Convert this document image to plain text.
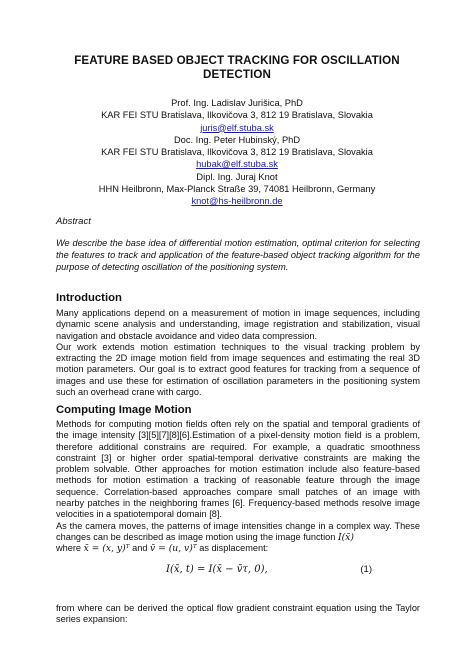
FEATURE BASED OBJECT TRACKING FOR OSCILLATION DETECTION
Prof. Ing. Ladislav Jurišica, PhD
KAR FEI STU Bratislava, Ilkovičova 3, 812 19 Bratislava, Slovakia
juris@elf.stuba.sk
Doc. Ing. Peter Hubinský, PhD
KAR FEI STU Bratislava, Ilkovičova 3, 812 19 Bratislava, Slovakia
hubak@elf.stuba.sk
Dipl. Ing. Juraj Knot
HHN Heilbronn, Max-Planck Straße 39, 74081 Heilbronn, Germany
knot@hs-heilbronn.de
Abstract
We describe the base idea of differential motion estimation, optimal criterion for selecting the features to track and application of the feature-based object tracking algorithm for the purpose of detecting oscillation of the positioning system.
Introduction

Many applications depend on a measurement of motion in image sequences, including dynamic scene analysis and understanding, image registration and stabilization, visual navigation and obstacle avoidance and video data compression.

Our work extends motion estimation techniques to the visual tracking problem by extracting the 2D image motion field from image sequences and estimating the real 3D motion parameters. Our goal is to extract good features for tracking from a sequence of images and use these for estimation of oscillation parameters in the positioning system such an overhead crane with cargo.

Computing Image Motion

Methods for computing motion fields often rely on the spatial and temporal gradients of the image intensity [3][5][7][8][6].Estimation of a pixel-density motion field is a problem, therefore additional constrains are required. For example, a quadratic smoothness constraint [3] or higher order spatial-temporal derivative constraints are making the problem solvable. Other approaches for motion estimation include also feature-based methods for motion estimation a tracking of reasonable feature through the image sequence. Correlation-based approaches compare small patches of an image with nearby patches in the neighboring frames [6]. Frequency-based methods resolve image velocities in a spatiotemporal domain [8].

As the camera moves, the patterns of image intensities change in a complex way. These changes can be described as image motion using the image function I(x̄)

where x̄ = (x, y)ᵀ and v̄ = (u, v)ᵀ as displacement:

I(x̄, t) = I(x̄ − v̄τ, 0),	(1)
from where can be derived the optical flow gradient constraint equation using the Taylor series expansion:
